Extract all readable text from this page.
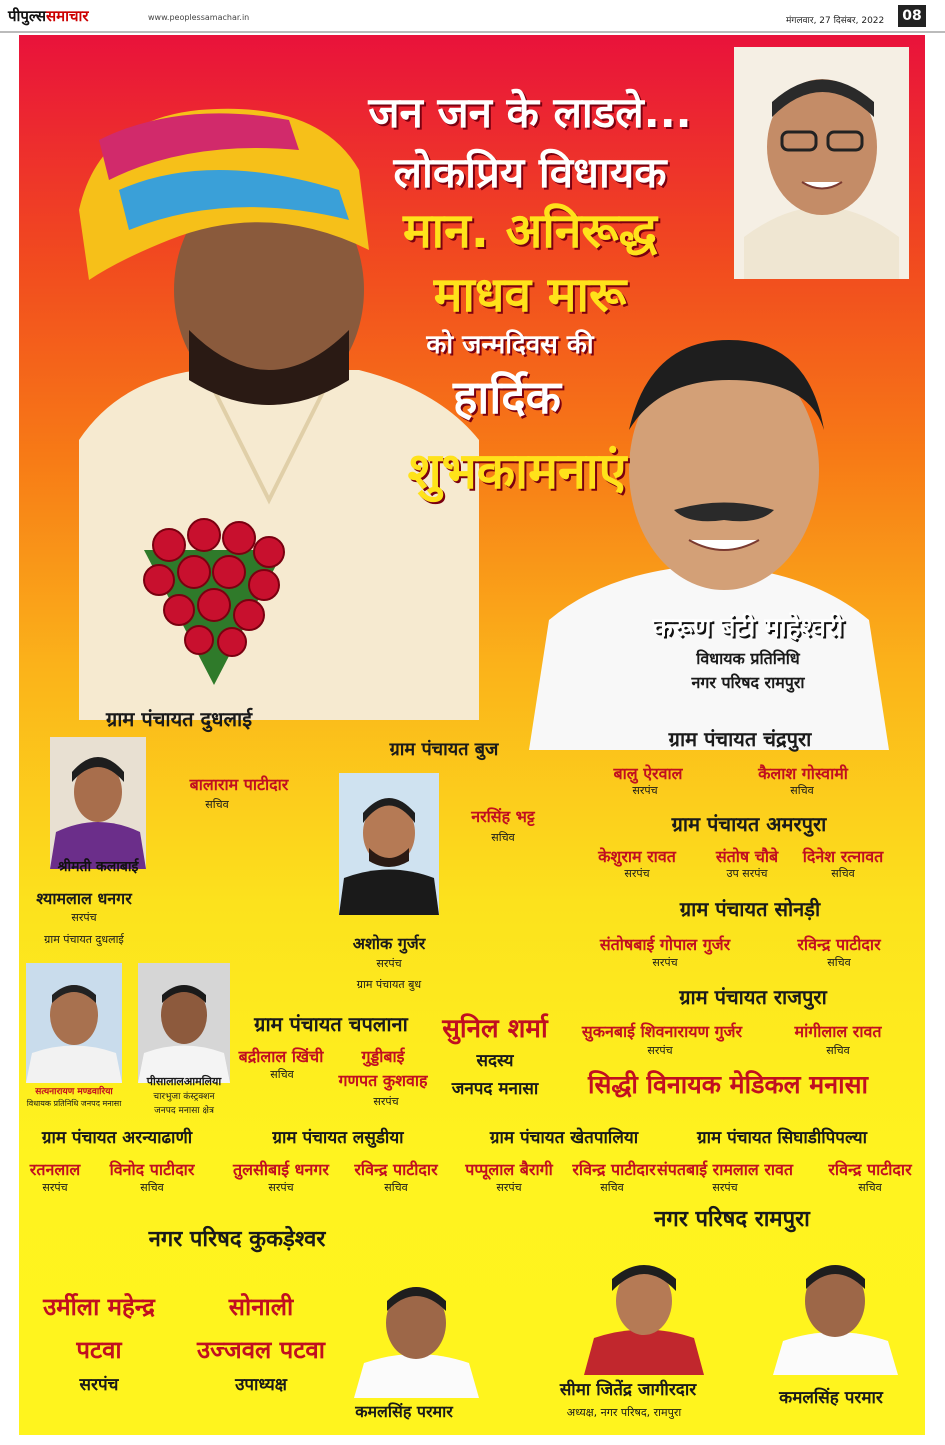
पीपुल्ससमाचार	www.peoplessamachar.in	मंगलवार, 27 दिसंबर, 2022	08
जन जन के लाडले...
लोकप्रिय विधायक
मान. अनिरूद्ध
माधव मारू
को जन्मदिवस की
हार्दिक
शुभकामनाएं
करूण बंटी माहेश्वरी
विधायक प्रतिनिधि
नगर परिषद रामपुरा
ग्राम पंचायत दुधलाई
श्रीमती कलाबाई
बालाराम पाटीदार
सचिव
श्यामलाल धनगर
सरपंच
ग्राम पंचायत दुधलाई
ग्राम पंचायत बुज
नरसिंह भट्ट
सचिव
अशोक गुर्जर
सरपंच
ग्राम पंचायत बुध
ग्राम पंचायत चंद्रपुरा
बालु ऐरवाल
सरपंच
कैलाश गोस्वामी
सचिव
ग्राम पंचायत अमरपुरा
केशुराम रावत
सरपंच
संतोष चौबे
उप सरपंच
दिनेश रत्नावत
सचिव
ग्राम पंचायत सोनड़ी
संतोषबाई गोपाल गुर्जर
सरपंच
रविन्द्र पाटीदार
सचिव
ग्राम पंचायत राजपुरा
सुकनबाई शिवनारायण गुर्जर
सरपंच
मांगीलाल रावत
सचिव
सत्यनारायण मण्डवारिया
विधायक प्रतिनिधि जनपद मनासा
पीसालालआमलिया
चारभुजा कंस्ट्रक्शन
जनपद मनासा क्षेत्र
ग्राम पंचायत चपलाना
बद्रीलाल खिंची
सचिव
गुड्डीबाई
गणपत कुशवाह
सरपंच
सुनिल शर्मा
सदस्य
जनपद मनासा सिद्धी विनायक मेडिकल मनासा
ग्राम पंचायत अरन्याढाणी
रतनलाल
सरपंच
विनोद पाटीदार
सचिव
ग्राम पंचायत लसुडीया
तुलसीबाई धनगर
सरपंच
रविन्द्र पाटीदार
सचिव
ग्राम पंचायत खेतपालिया
पप्पूलाल बैरागी
सरपंच
रविन्द्र पाटीदार
सचिव
ग्राम पंचायत सिघाडीपिपल्या
संपतबाई रामलाल रावत
सरपंच
रविन्द्र पाटीदार
सचिव
नगर परिषद कुकड़ेश्वर
उर्मीला महेन्द्र
पटवा
सरपंच
सोनाली
उज्जवल पटवा
उपाध्यक्ष
कमलसिंह परमार
नगर परिषद रामपुरा
सीमा जितेंद्र जागीरदार
अध्यक्ष, नगर परिषद, रामपुरा
कमलसिंह परमार
